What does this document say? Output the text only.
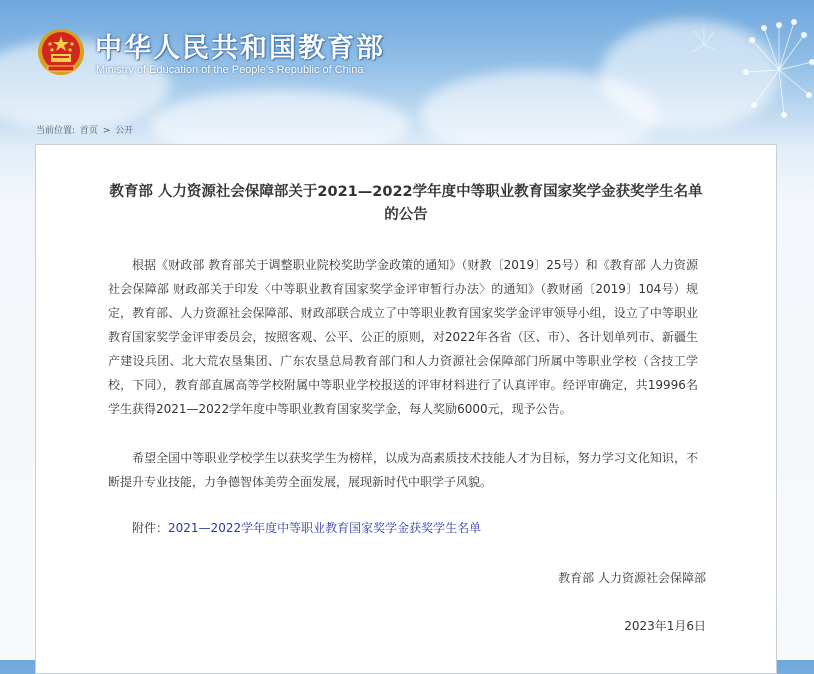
中华人民共和国教育部
Ministry of Education of the People's Republic of China
当前位置: 首页 > 公开
教育部 人力资源社会保障部关于2021—2022学年度中等职业教育国家奖学金获奖学生名单
的公告
根据《财政部 教育部关于调整职业院校奖助学金政策的通知》（财教〔2019〕25号）和《教育部 人力资源社会保障部 财政部关于印发〈中等职业教育国家奖学金评审暂行办法〉的通知》（教财函〔2019〕104号）规定，教育部、人力资源社会保障部、财政部联合成立了中等职业教育国家奖学金评审领导小组，设立了中等职业教育国家奖学金评审委员会，按照客观、公平、公正的原则，对2022年各省（区、市）、各计划单列市、新疆生产建设兵团、北大荒农垦集团、广东农垦总局教育部门和人力资源社会保障部门所属中等职业学校（含技工学校，下同），教育部直属高等学校附属中等职业学校报送的评审材料进行了认真评审。经评审确定，共19996名学生获得2021—2022学年度中等职业教育国家奖学金，每人奖励6000元，现予公告。
希望全国中等职业学校学生以获奖学生为榜样，以成为高素质技术技能人才为目标，努力学习文化知识，不断提升专业技能，力争德智体美劳全面发展，展现新时代中职学子风貌。
附件：2021—2022学年度中等职业教育国家奖学金获奖学生名单
教育部 人力资源社会保障部
2023年1月6日
